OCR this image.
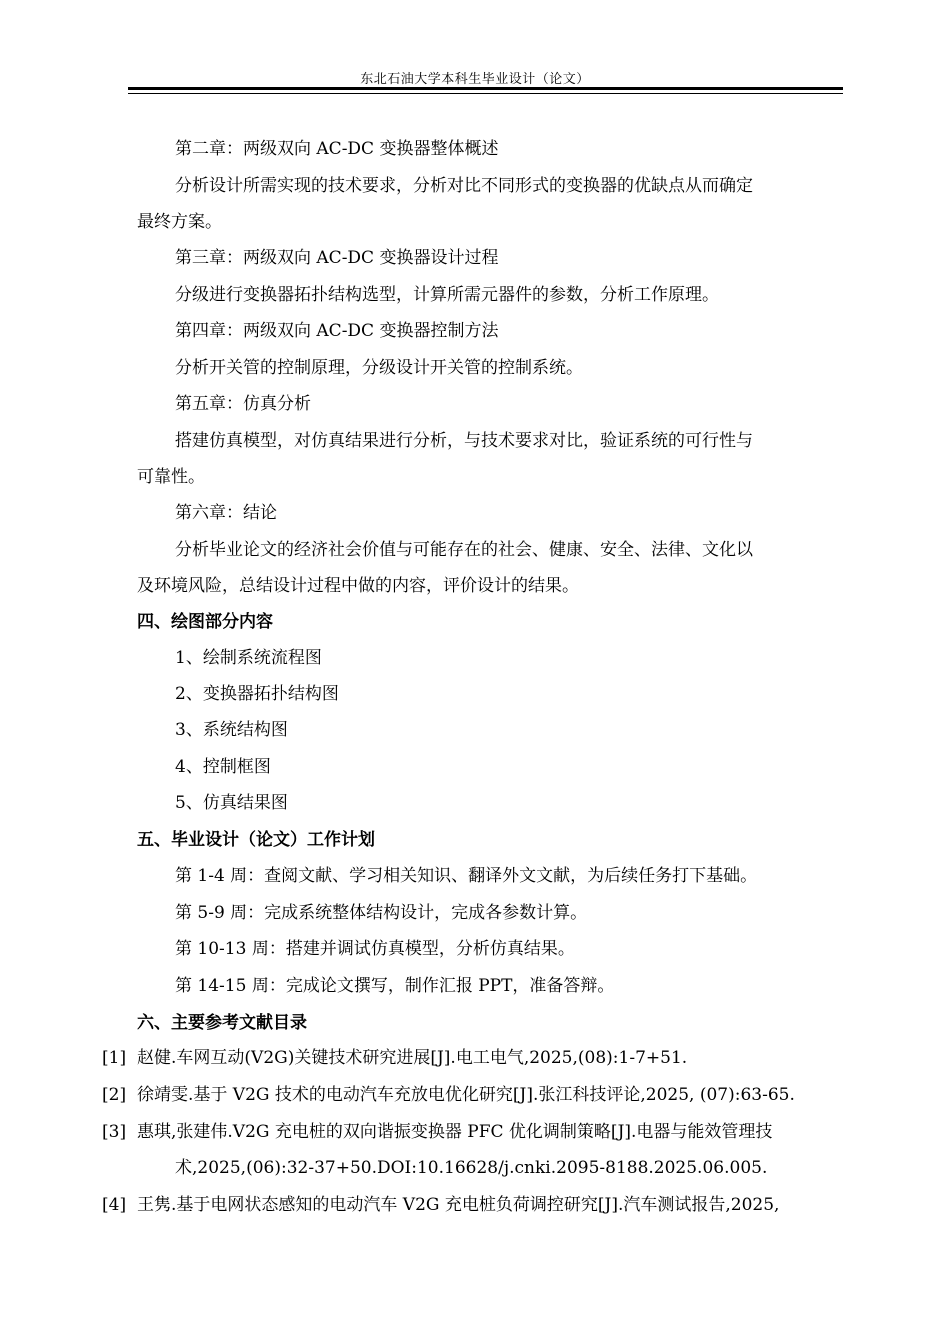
东北石油大学本科生毕业设计（论文）
第二章：两级双向 AC-DC 变换器整体概述
分析设计所需实现的技术要求，分析对比不同形式的变换器的优缺点从而确定
最终方案。
第三章：两级双向 AC-DC 变换器设计过程
分级进行变换器拓扑结构选型，计算所需元器件的参数，分析工作原理。
第四章：两级双向 AC-DC 变换器控制方法
分析开关管的控制原理，分级设计开关管的控制系统。
第五章：仿真分析
搭建仿真模型，对仿真结果进行分析，与技术要求对比，验证系统的可行性与
可靠性。
第六章：结论
分析毕业论文的经济社会价值与可能存在的社会、健康、安全、法律、文化以
及环境风险，总结设计过程中做的内容，评价设计的结果。
四、绘图部分内容
1、绘制系统流程图
2、变换器拓扑结构图
3、系统结构图
4、控制框图
5、仿真结果图
五、毕业设计（论文）工作计划
第 1-4 周：查阅文献、学习相关知识、翻译外文文献，为后续任务打下基础。
第 5-9 周：完成系统整体结构设计，完成各参数计算。
第 10-13 周：搭建并调试仿真模型，分析仿真结果。
第 14-15 周：完成论文撰写，制作汇报 PPT，准备答辩。
六、主要参考文献目录
[1] 赵健.车网互动(V2G)关键技术研究进展[J].电工电气,2025,(08):1-7+51.
[2] 徐靖雯.基于 V2G 技术的电动汽车充放电优化研究[J].张江科技评论,2025, (07):63-65.
[3] 惠琪,张建伟.V2G 充电桩的双向谐振变换器 PFC 优化调制策略[J].电器与能效管理技
术,2025,(06):32-37+50.DOI:10.16628/j.cnki.2095-8188.2025.06.005.
[4] 王隽.基于电网状态感知的电动汽车 V2G 充电桩负荷调控研究[J].汽车测试报告,2025,
